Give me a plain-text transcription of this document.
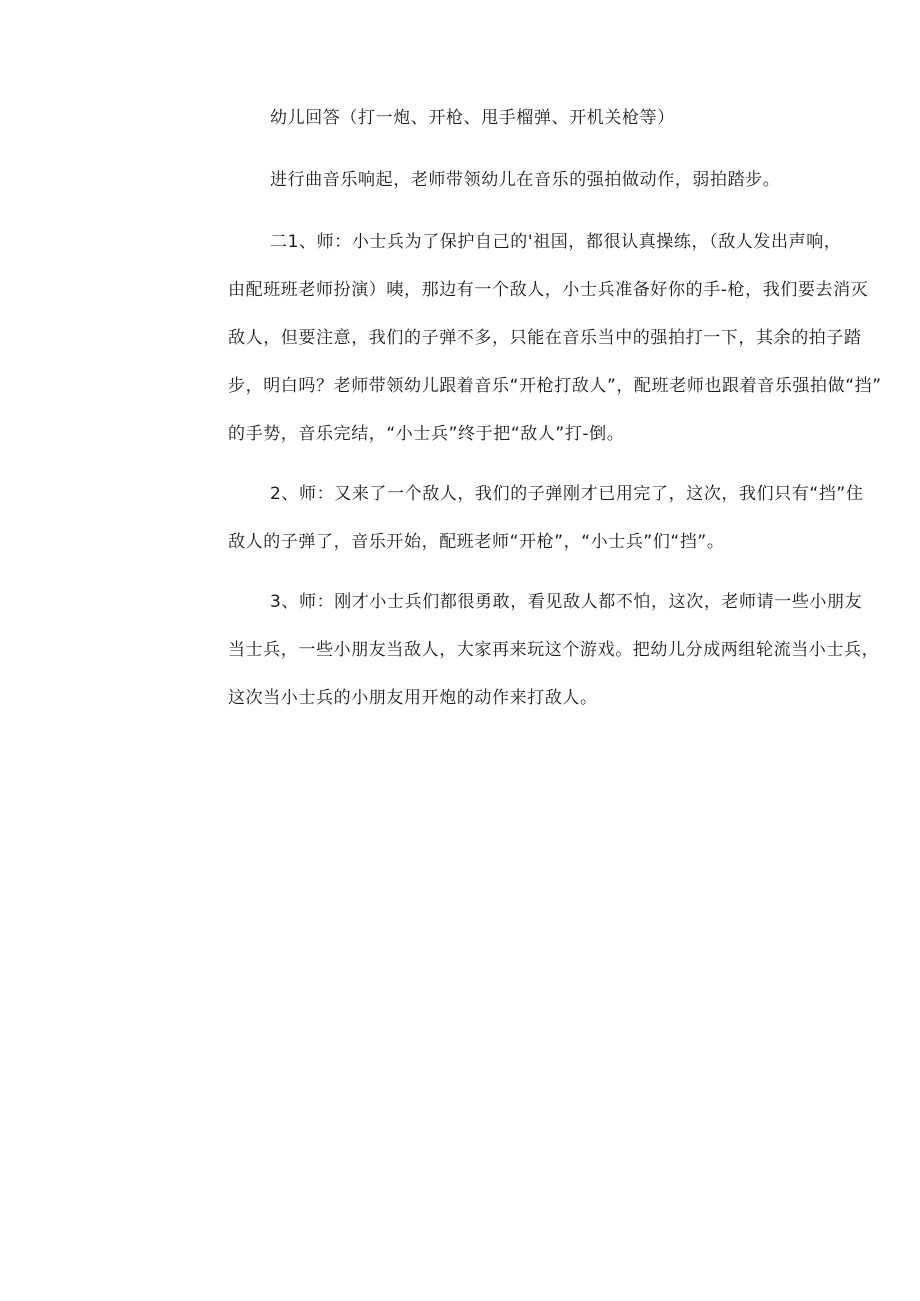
幼儿回答（打一炮、开枪、甩手榴弹、开机关枪等）
进行曲音乐响起，老师带领幼儿在音乐的强拍做动作，弱拍踏步。
二1、师：小士兵为了保护自己的'祖国，都很认真操练，（敌人发出声响，
由配班班老师扮演）咦，那边有一个敌人，小士兵准备好你的手-枪，我们要去消灭
敌人，但要注意，我们的子弹不多，只能在音乐当中的强拍打一下，其余的拍子踏
步，明白吗？老师带领幼儿跟着音乐“开枪打敌人”，配班老师也跟着音乐强拍做“挡”
的手势，音乐完结，“小士兵”终于把“敌人”打-倒。
2、师：又来了一个敌人，我们的子弹刚才已用完了，这次，我们只有“挡”住
敌人的子弹了，音乐开始，配班老师“开枪”，“小士兵”们“挡”。
3、师：刚才小士兵们都很勇敢，看见敌人都不怕，这次，老师请一些小朋友
当士兵，一些小朋友当敌人，大家再来玩这个游戏。把幼儿分成两组轮流当小士兵，
这次当小士兵的小朋友用开炮的动作来打敌人。
